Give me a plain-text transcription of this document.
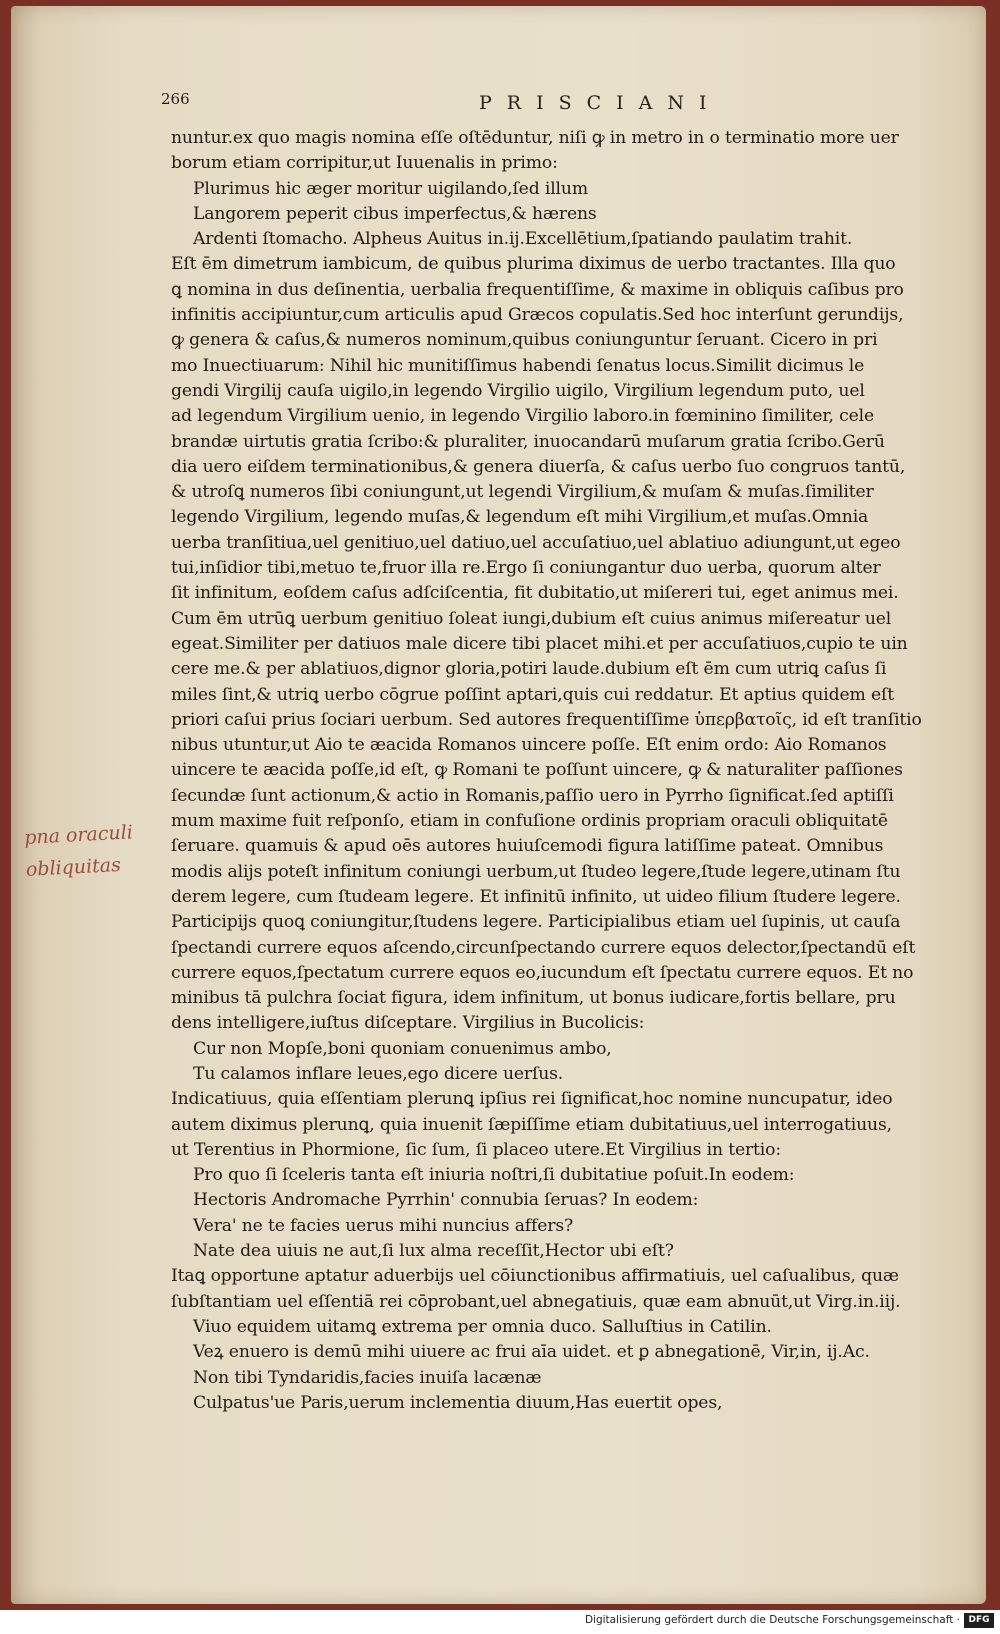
266	PRISCIANI
nuntur.ex quo magis nomina eſſe oſtēduntur, niſi ꝙ in metro in o terminatio more uer
borum etiam corripitur,ut Iuuenalis in primo:
Plurimus hic æger moritur uigilando,ſed illum
Langorem peperit cibus imperfectus,& hærens
Ardenti ſtomacho. Alpheus Auitus in.ij.Excellētium,ſpatiando paulatim trahit.
Eſt ēm dimetrum iambicum, de quibus plurima diximus de uerbo tractantes. Illa quo
ꝗ nomina in dus deſinentia, uerbalia frequentiſſime, & maxime in obliquis caſibus pro
infinitis accipiuntur,cum articulis apud Græcos copulatis.Sed hoc interſunt gerundijs,
ꝙ genera & caſus,& numeros nominum,quibus coniunguntur ſeruant. Cicero in pri
mo Inuectiuarum: Nihil hic munitiſſimus habendi ſenatus locus.Similit dicimus le
gendi Virgilij cauſa uigilo,in legendo Virgilio uigilo, Virgilium legendum puto, uel
ad legendum Virgilium uenio, in legendo Virgilio laboro.in fœminino ſimiliter, cele
brandæ uirtutis gratia ſcribo:& pluraliter, inuocandarū muſarum gratia ſcribo.Gerū
dia uero eiſdem terminationibus,& genera diuerſa, & caſus uerbo ſuo congruos tantū,
& utroſꝗ numeros ſibi coniungunt,ut legendi Virgilium,& muſam & muſas.ſimiliter
legendo Virgilium, legendo muſas,& legendum eſt mihi Virgilium,et muſas.Omnia
uerba tranſitiua,uel genitiuo,uel datiuo,uel accuſatiuo,uel ablatiuo adiungunt,ut egeo
tui,inſidior tibi,metuo te,fruor illa re.Ergo ſi coniungantur duo uerba, quorum alter
ſit infinitum, eoſdem caſus adſciſcentia, fit dubitatio,ut miſereri tui, eget animus mei.
Cum ēm utrūꝗ uerbum genitiuo ſoleat iungi,dubium eſt cuius animus miſereatur uel
egeat.Similiter per datiuos male dicere tibi placet mihi.et per accuſatiuos,cupio te uin
cere me.& per ablatiuos,dignor gloria,potiri laude.dubium eſt ēm cum utriꝗ caſus ſi
miles ſint,& utriꝗ uerbo cōgrue poſſint aptari,quis cui reddatur. Et aptius quidem eſt
priori caſui prius ſociari uerbum. Sed autores frequentiſſime ὑπερβατοῖς, id eſt tranſitio
nibus utuntur,ut Aio te æacida Romanos uincere poſſe. Eſt enim ordo: Aio Romanos
uincere te æacida poſſe,id eſt, ꝙ Romani te poſſunt uincere, ꝙ & naturaliter paſſiones
ſecundæ ſunt actionum,& actio in Romanis,paſſio uero in Pyrrho ſignificat.ſed aptiſſi
mum maxime fuit reſponſo, etiam in confuſione ordinis propriam oraculi obliquitatē
ſeruare. quamuis & apud oēs autores huiuſcemodi figura latiſſime pateat. Omnibus
modis alijs poteſt infinitum coniungi uerbum,ut ſtudeo legere,ſtude legere,utinam ſtu
derem legere, cum ſtudeam legere. Et infinitū infinito, ut uideo filium ſtudere legere.
Participijs quoꝗ coniungitur,ſtudens legere. Participialibus etiam uel ſupinis, ut cauſa
ſpectandi currere equos aſcendo,circunſpectando currere equos delector,ſpectandū eſt
currere equos,ſpectatum currere equos eo,iucundum eſt ſpectatu currere equos. Et no
minibus tā pulchra ſociat figura, idem infinitum, ut bonus iudicare,fortis bellare, pru
dens intelligere,iuſtus diſceptare. Virgilius in Bucolicis:
Cur non Mopſe,boni quoniam conuenimus ambo,
Tu calamos inflare leues,ego dicere uerſus.
Indicatiuus, quia eſſentiam plerunꝗ ipſius rei ſignificat,hoc nomine nuncupatur, ideo
autem diximus plerunꝗ, quia inuenit ſæpiſſime etiam dubitatiuus,uel interrogatiuus,
ut Terentius in Phormione, ſic ſum, ſi placeo utere.Et Virgilius in tertio:
Pro quo ſi ſceleris tanta eſt iniuria noſtri,ſi dubitatiue poſuit.In eodem:
Hectoris Andromache Pyrrhin' connubia ſeruas? In eodem:
Vera' ne te facies uerus mihi nuncius affers?
Nate dea uiuis ne aut,ſi lux alma receſſit,Hector ubi eſt?
Itaꝗ opportune aptatur aduerbijs uel cōiunctionibus affirmatiuis, uel caſualibus, quæ
ſubſtantiam uel eſſentiā rei cōprobant,uel abnegatiuis, quæ eam abnuūt,ut Virg.in.iij.
Viuo equidem uitamꝗ extrema per omnia duco. Salluſtius in Catilin.
Veꝝ enuero is demū mihi uiuere ac frui aīa uidet. et ꝑ abnegationē, Vir,in, ij.Ac.
Non tibi Tyndaridis,facies inuiſa lacænæ
Culpatus'ue Paris,uerum inclementia diuum,Has euertit opes,
pna oraculi
obliquitas
Digitalisierung gefördert durch die Deutsche Forschungsgemeinschaft · DFG
